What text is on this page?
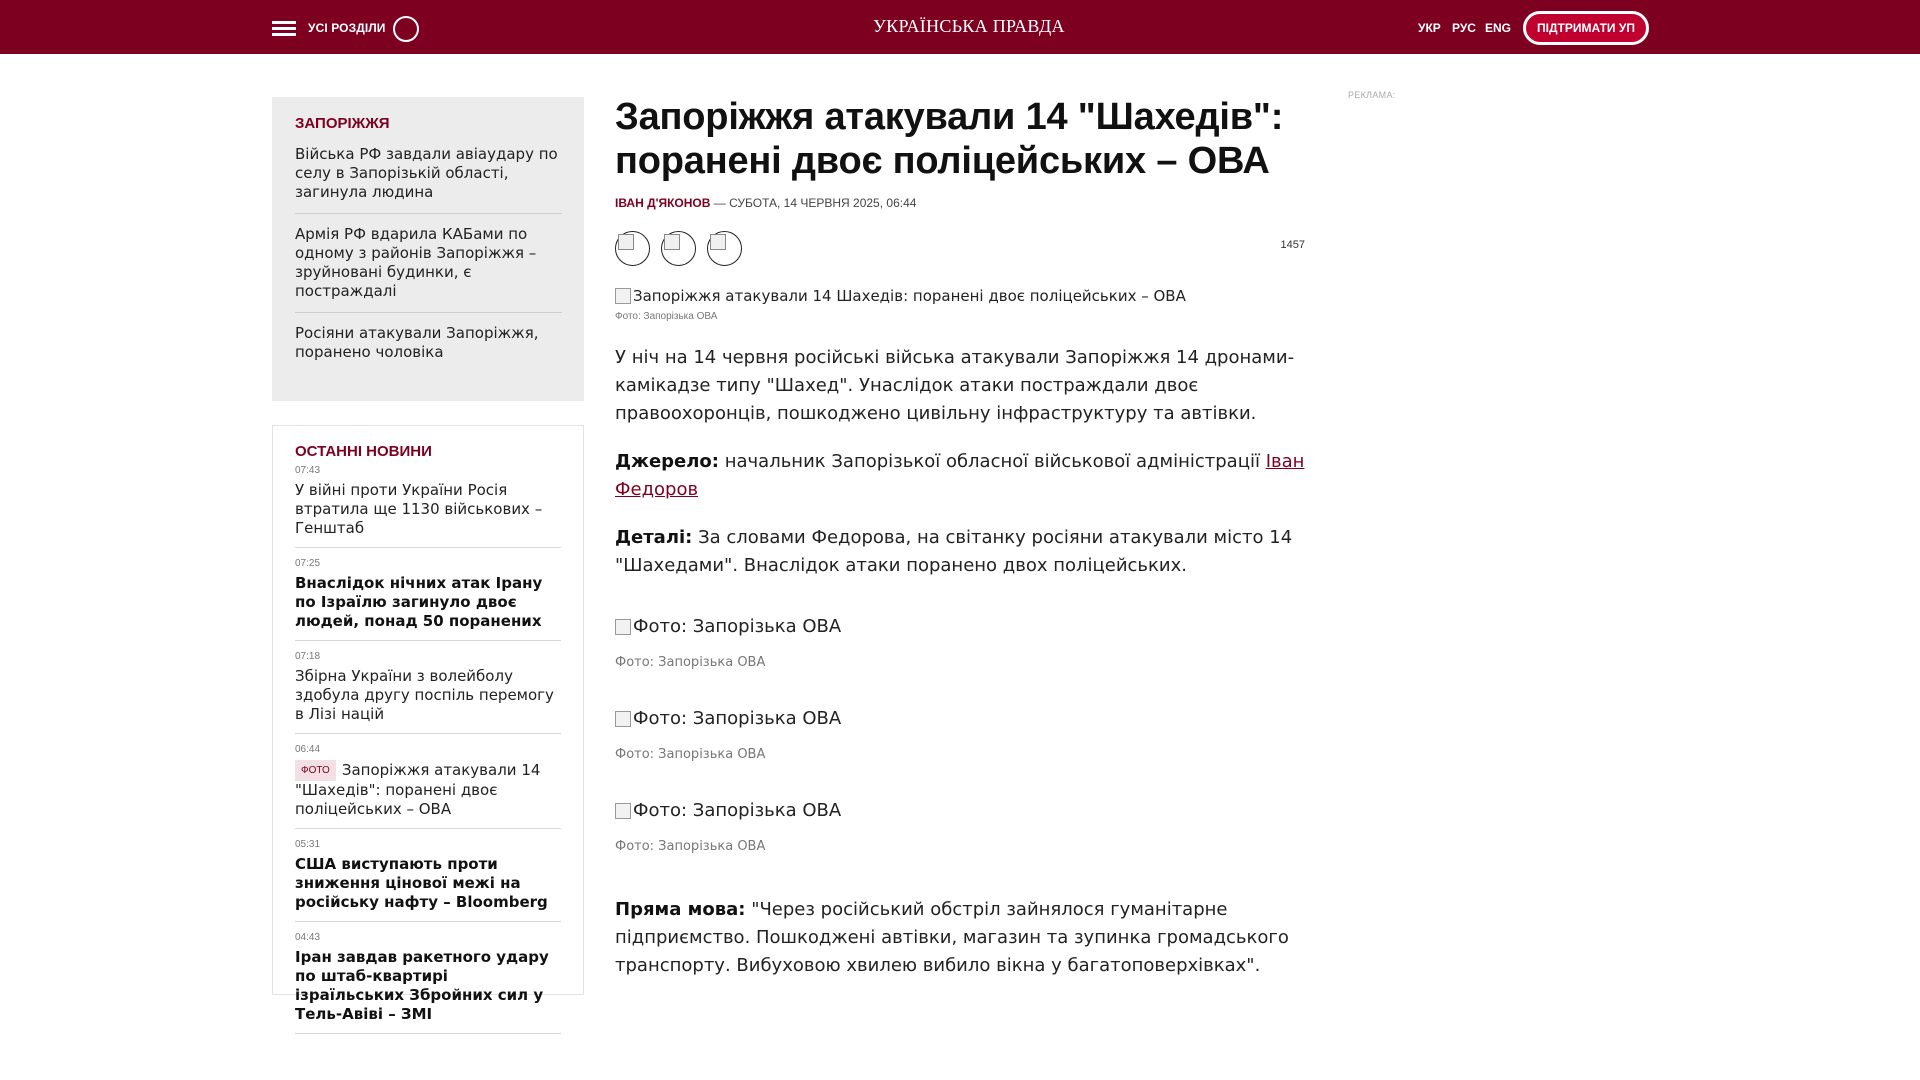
УСІ РОЗДІЛИ	УКРАЇНСЬКА ПРАВДА	УКР РУС ENG	ПІДТРИМАТИ УП
ЗАПОРІЖЖЯ
Війська РФ завдали авіаудару по селу в Запорізькій області, загинула людина
Армія РФ вдарила КАБами по одному з районів Запоріжжя – зруйновані будинки, є постраждалі
Росіяни атакували Запоріжжя, поранено чоловіка
ОСТАННІ НОВИНИ
07:43
У війні проти України Росія втратила ще 1130 військових – Генштаб
07:25
Внаслідок нічних атак Ірану по Ізраїлю загинуло двоє людей, понад 50 поранених
07:18
Збірна України з волейболу здобула другу поспіль перемогу в Лізі націй
06:44
ФОТО Запоріжжя атакували 14 "Шахедів": поранені двоє поліцейських – ОВА
05:31
США виступають проти зниження цінової межі на російську нафту – Bloomberg
04:43
Іран завдав ракетного удару по штаб-квартирі ізраїльських Збройних сил у Тель-Авіві – ЗМІ
Запоріжжя атакували 14 "Шахедів": поранені двоє поліцейських – ОВА
ІВАН Д'ЯКОНОВ — СУБОТА, 14 ЧЕРВНЯ 2025, 06:44
1457
Запоріжжя атакували 14 Шахедів: поранені двоє поліцейських – ОВА
Фото: Запорізька ОВА

У ніч на 14 червня російські війська атакували Запоріжжя 14 дронами-камікадзе типу "Шахед". Унаслідок атаки постраждали двоє правоохоронців, пошкоджено цивільну інфраструктуру та автівки.

Джерело: начальник Запорізької обласної військової адміністрації Іван Федоров

Деталі: За словами Федорова, на світанку росіяни атакували місто 14 "Шахедами". Внаслідок атаки поранено двох поліцейських.

Фото: Запорізька ОВА
Фото: Запорізька ОВА
Фото: Запорізька ОВА
Фото: Запорізька ОВА
Фото: Запорізька ОВА
Фото: Запорізька ОВА

Пряма мова: "Через російський обстріл зайнялося гуманітарне підприємство. Пошкоджені автівки, магазин та зупинка громадського транспорту. Вибуховою хвилею вибило вікна у багатоповерхівках".

РЕКЛАМА:
